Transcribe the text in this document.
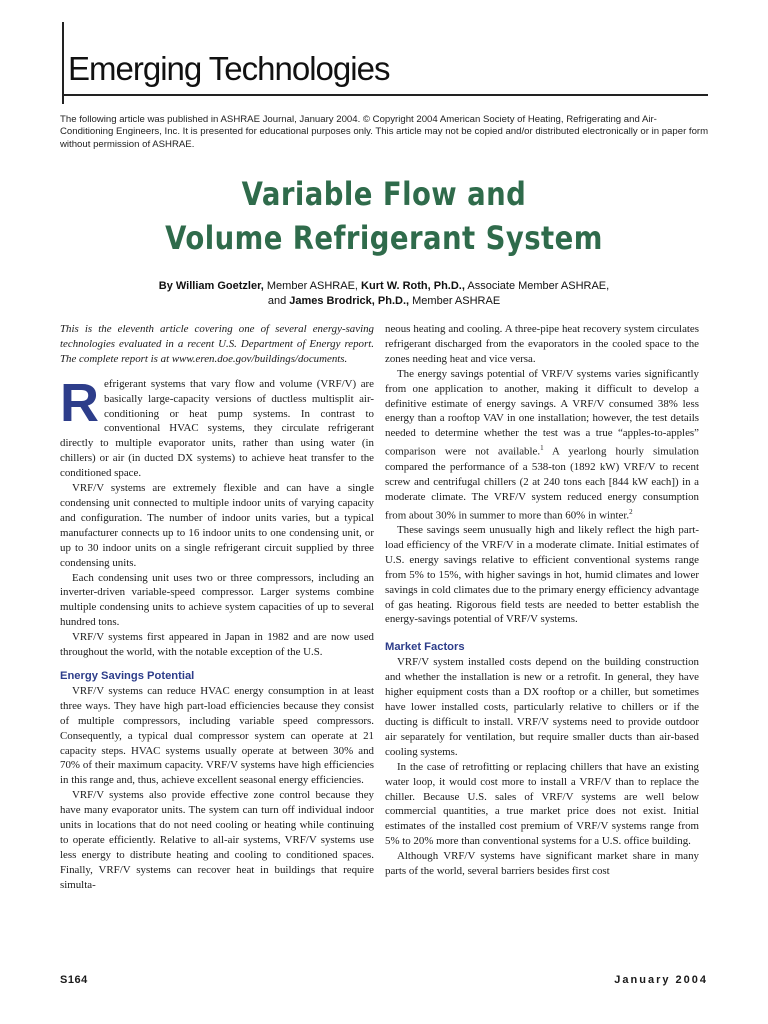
Emerging Technologies
The following article was published in ASHRAE Journal, January 2004. © Copyright 2004 American Society of Heating, Refrigerating and Air-Conditioning Engineers, Inc. It is presented for educational purposes only. This article may not be copied and/or distributed electronically or in paper form without permission of ASHRAE.
Variable Flow and
Volume Refrigerant System
By William Goetzler, Member ASHRAE, Kurt W. Roth, Ph.D., Associate Member ASHRAE,
and James Brodrick, Ph.D., Member ASHRAE

This is the eleventh article covering one of several energy-saving technologies evaluated in a recent U.S. Department of Energy report. The complete report is at www.eren.doe.gov/buildings/documents.

Refrigerant systems that vary flow and volume (VRF/V) are basically large-capacity versions of ductless multisplit air-conditioning or heat pump systems. In contrast to conventional HVAC systems, they circulate refrigerant directly to multiple evaporator units, rather than using water (in chillers) or air (in ducted DX systems) to achieve heat transfer to the conditioned space.

VRF/V systems are extremely flexible and can have a single condensing unit connected to multiple indoor units of varying capacity and configuration. The number of indoor units varies, but a typical manufacturer connects up to 16 indoor units to one condensing unit, or up to 30 indoor units on a single refrigerant circuit supplied by three condensing units.

Each condensing unit uses two or three compressors, including an inverter-driven variable-speed compressor. Larger systems combine multiple condensing units to achieve system capacities of up to several hundred tons.

VRF/V systems first appeared in Japan in 1982 and are now used throughout the world, with the notable exception of the U.S.

Energy Savings Potential

VRF/V systems can reduce HVAC energy consumption in at least three ways. They have high part-load efficiencies because they consist of multiple compressors, including variable speed compressors. Consequently, a typical dual compressor system can operate at 21 capacity steps. HVAC systems usually operate at between 30% and 70% of their maximum capacity. VRF/V systems have high efficiencies in this range and, thus, achieve excellent seasonal energy efficiencies.

VRF/V systems also provide effective zone control because they have many evaporator units. The system can turn off individual indoor units in locations that do not need cooling or heating while continuing to operate efficiently. Relative to all-air systems, VRF/V systems use less energy to distribute heating and cooling to conditioned spaces. Finally, VRF/V systems can recover heat in buildings that require simulta-

neous heating and cooling. A three-pipe heat recovery system circulates refrigerant discharged from the evaporators in the cooled space to the zones needing heat and vice versa.

The energy savings potential of VRF/V systems varies significantly from one application to another, making it difficult to develop a definitive estimate of energy savings. A VRF/V consumed 38% less energy than a rooftop VAV in one installation; however, the test details needed to determine whether the test was a true “apples-to-apples” comparison were not available.$^1$ A yearlong hourly simulation compared the performance of a 538-ton (1892 kW) VRF/V to recent screw and centrifugal chillers (2 at 240 tons each [844 kW each]) in a moderate climate. The VRF/V system reduced energy consumption from about 30% in summer to more than 60% in winter.$^2$

These savings seem unusually high and likely reflect the high part-load efficiency of the VRF/V in a moderate climate. Initial estimates of U.S. energy savings relative to efficient conventional systems range from 5% to 15%, with higher savings in hot, humid climates and lower savings in cold climates due to the primary energy efficiency advantage of gas heating. Rigorous field tests are needed to better establish the energy-savings potential of VRF/V systems.

Market Factors

VRF/V system installed costs depend on the building construction and whether the installation is new or a retrofit. In general, they have higher equipment costs than a DX rooftop or a chiller, but sometimes have lower installed costs, particularly relative to chillers or if the ducting is difficult to install. VRF/V systems need to provide outdoor air separately for ventilation, but require smaller ducts than air-based cooling systems.

In the case of retrofitting or replacing chillers that have an existing water loop, it would cost more to install a VRF/V than to replace the chiller. Because U.S. sales of VRF/V systems are well below commercial quantities, a true market price does not exist. Initial estimates of the installed cost premium of VRF/V systems range from 5% to 20% more than conventional systems for a U.S. office building.

Although VRF/V systems have significant market share in many parts of the world, several barriers besides first cost

S164	January 2004
